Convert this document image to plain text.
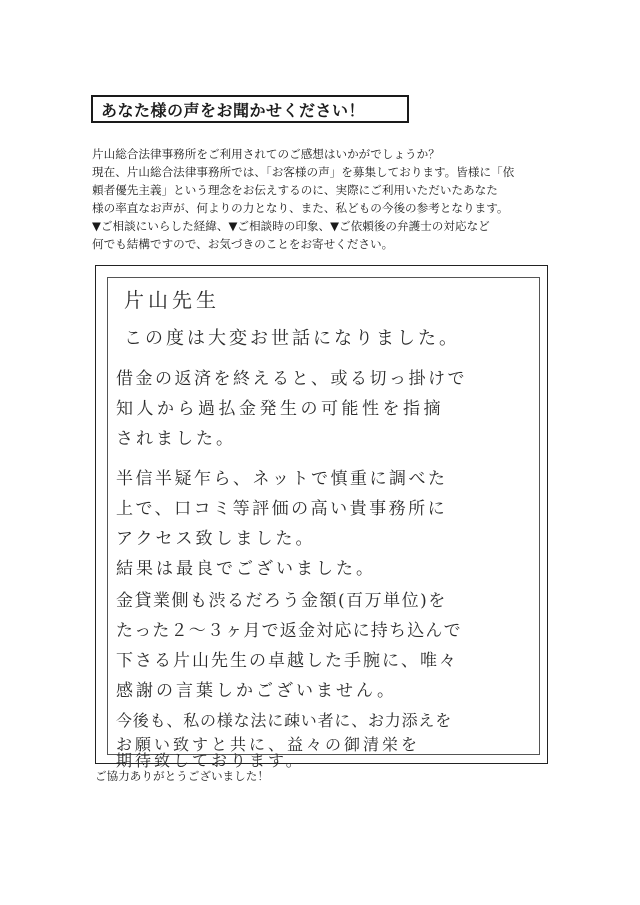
あなた様の声をお聞かせください！
片山総合法律事務所をご利用されてのご感想はいかがでしょうか？
現在、片山総合法律事務所では、「お客様の声」を募集しております。皆様に「依
頼者優先主義」という理念をお伝えするのに、実際にご利用いただいたあなた
様の率直なお声が、何よりの力となり、また、私どもの今後の参考となります。
▼ご相談にいらした経緯、▼ご相談時の印象、▼ご依頼後の弁護士の対応など
何でも結構ですので、お気づきのことをお寄せください。
片山先生
この度は大変お世話になりました。
借金の返済を終えると、或る切っ掛けで
知人から過払金発生の可能性を指摘
されました。
半信半疑乍ら、ネットで慎重に調べた
上で、口コミ等評価の高い貴事務所に
アクセス致しました。
結果は最良でございました。
金貸業側も渋るだろう金額(百万単位)を
たった２～３ヶ月で返金対応に持ち込んで
下さる片山先生の卓越した手腕に、唯々
感謝の言葉しかございません。
今後も、私の様な法に疎い者に、お力添えを
お願い致すと共に、益々の御清栄を
期待致しております。
ご協力ありがとうございました！
